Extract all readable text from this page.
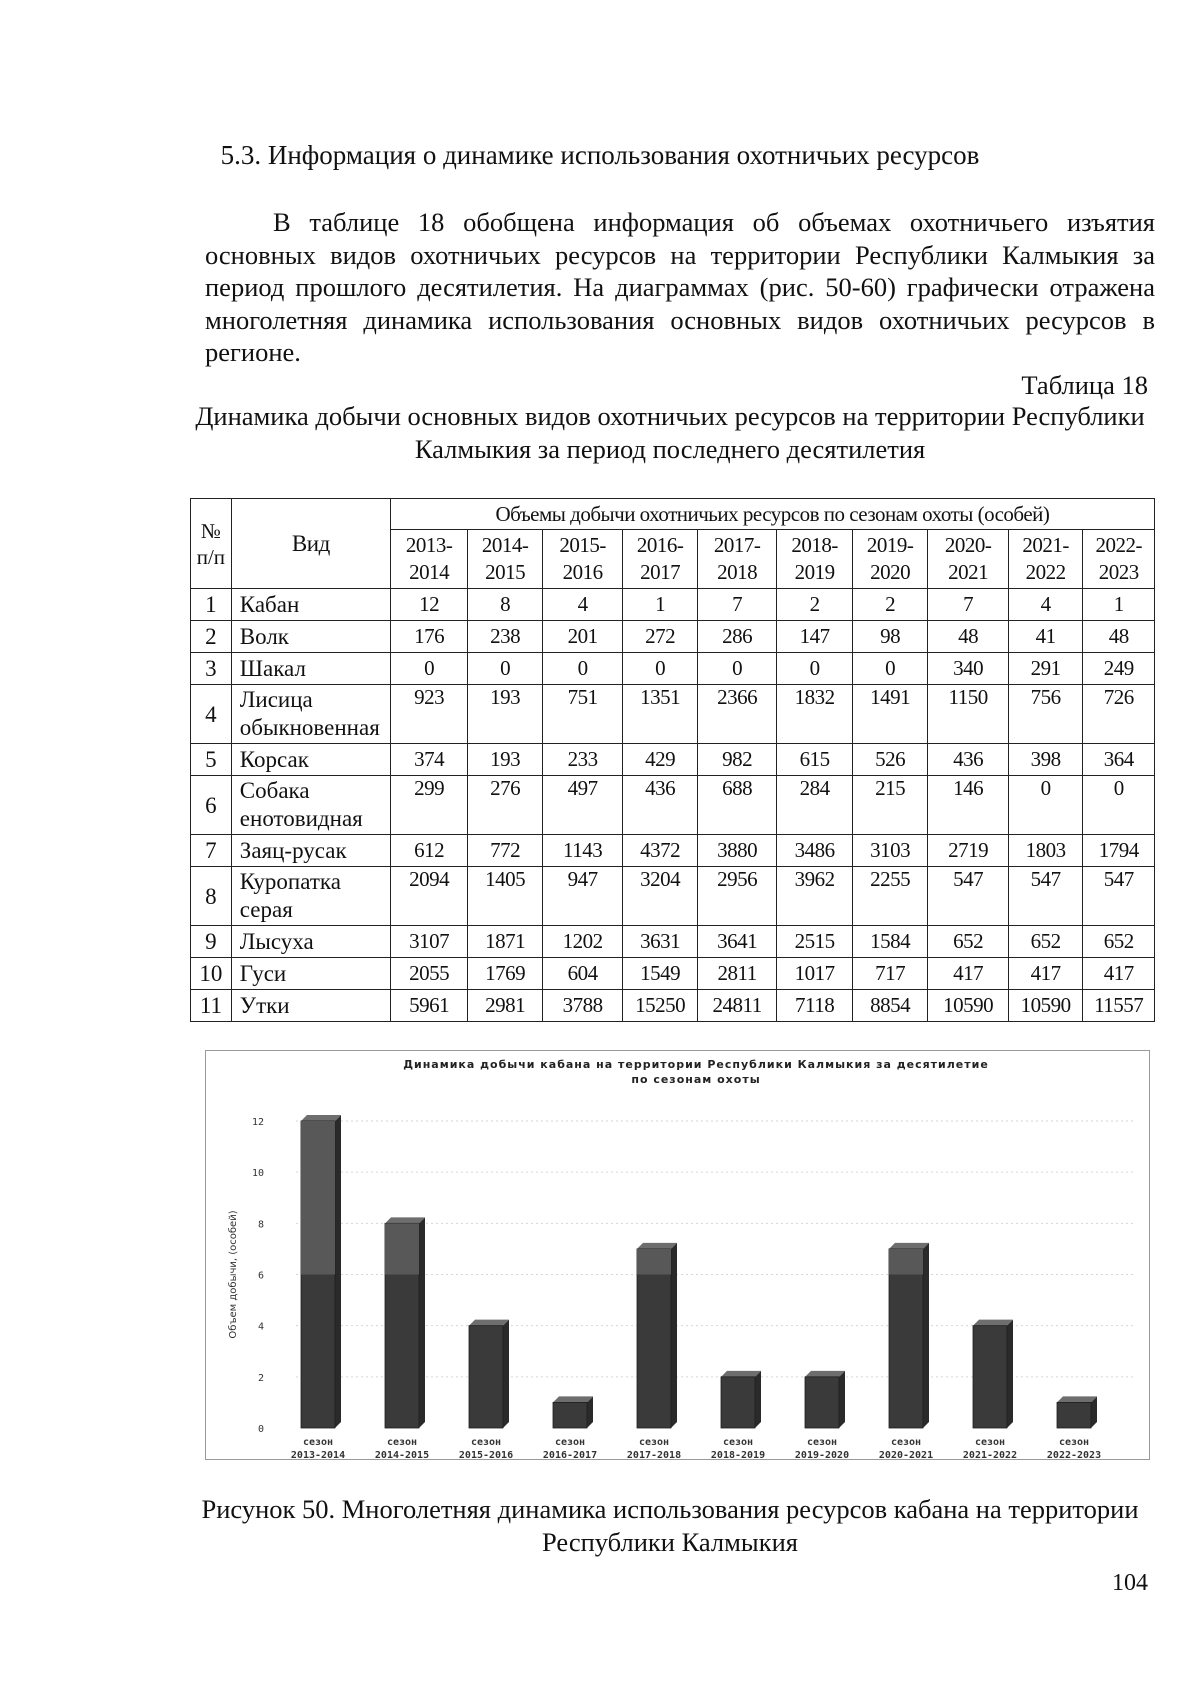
5.3. Информация о динамике использования охотничьих ресурсов
В таблице 18 обобщена информация об объемах охотничьего изъятия основных видов охотничьих ресурсов на территории Республики Калмыкия за период прошлого десятилетия. На диаграммах (рис. 50-60) графически отражена многолетняя динамика использования основных видов охотничьих ресурсов в регионе.
Таблица 18
Динамика добычи основных видов охотничьих ресурсов на территории Республики Калмыкия за период последнего десятилетия
№ п/п	Вид	Объемы добычи охотничьих ресурсов по сезонам охоты (особей)									
		2013-2014	2014-2015	2015-2016	2016-2017	2017-2018	2018-2019	2019-2020	2020-2021	2021-2022	2022-2023
1	Кабан	12	8	4	1	7	2	2	7	4	1
2	Волк	176	238	201	272	286	147	98	48	41	48
3	Шакал	0	0	0	0	0	0	0	340	291	249
4	Лисица обыкновенная	923	193	751	1351	2366	1832	1491	1150	756	726
5	Корсак	374	193	233	429	982	615	526	436	398	364
6	Собака енотовидная	299	276	497	436	688	284	215	146	0	0
7	Заяц-русак	612	772	1143	4372	3880	3486	3103	2719	1803	1794
8	Куропатка серая	2094	1405	947	3204	2956	3962	2255	547	547	547
9	Лысуха	3107	1871	1202	3631	3641	2515	1584	652	652	652
10	Гуси	2055	1769	604	1549	2811	1017	717	417	417	417
11	Утки	5961	2981	3788	15250	24811	7118	8854	10590	10590	11557
Динамика добычи кабана на территории Республики Калмыкия за десятилетие
по сезонам охоты
0
2
4
6
8
10
12
Объем добычи, (особей)
сезон
2013-2014
сезон
2014-2015
сезон
2015-2016
сезон
2016-2017
сезон
2017-2018
сезон
2018-2019
сезон
2019-2020
сезон
2020-2021
сезон
2021-2022
сезон
2022-2023
Рисунок 50. Многолетняя динамика использования ресурсов кабана на территории Республики Калмыкия
104
